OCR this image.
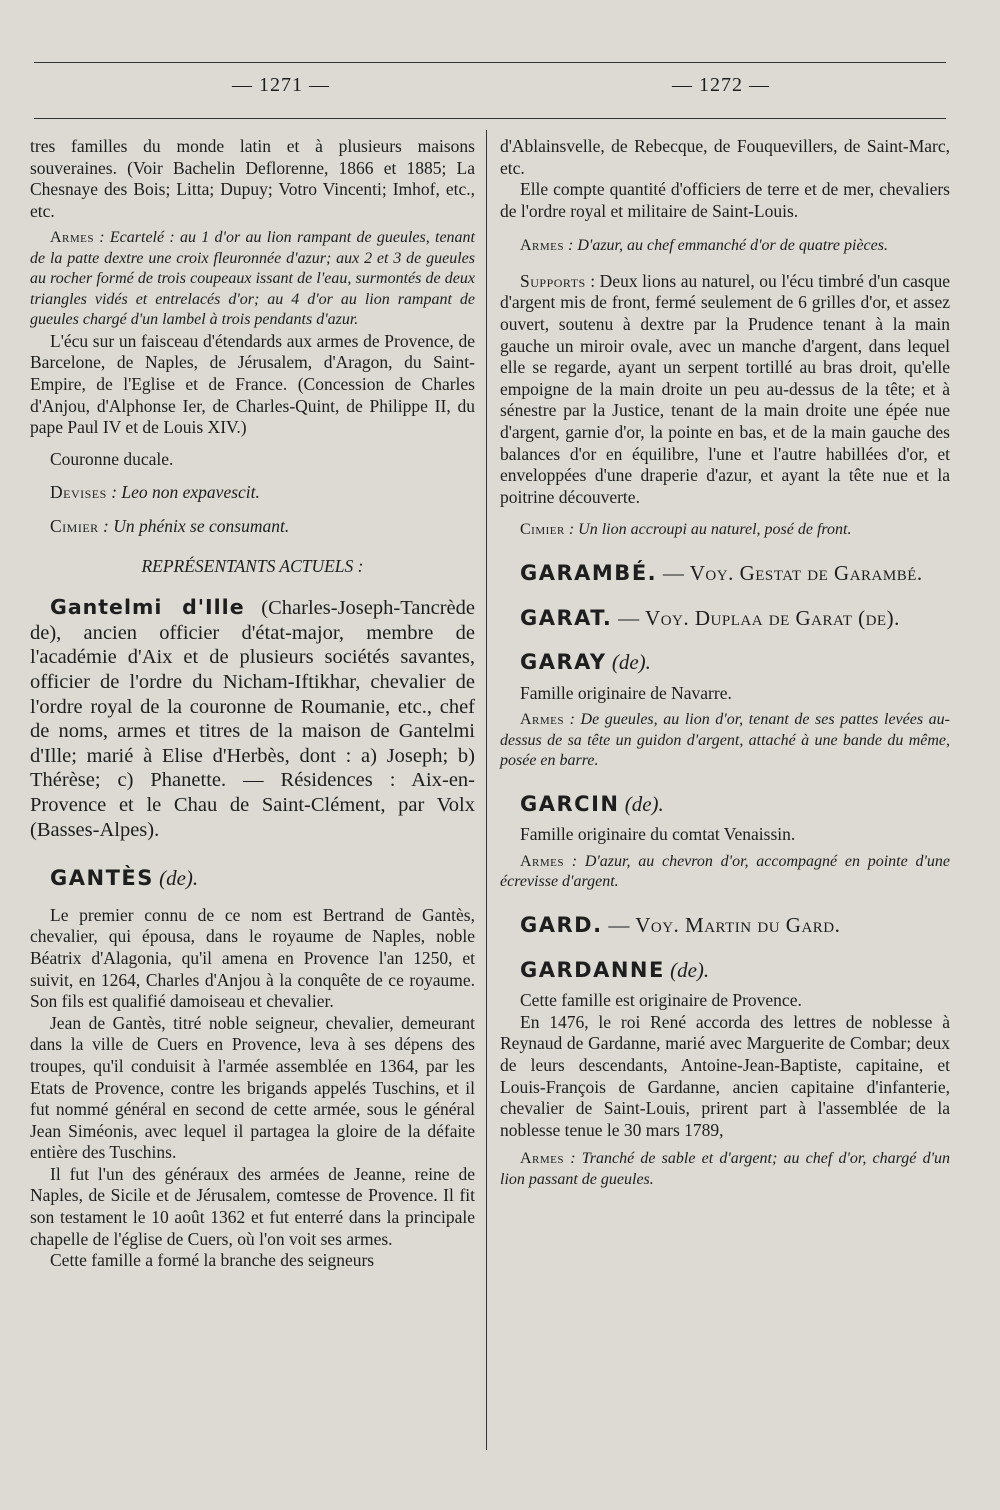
— 1271 —	— 1272 —

tres familles du monde latin et à plusieurs maisons souveraines. (Voir Bachelin Deflorenne, 1866 et 1885; La Chesnaye des Bois; Litta; Dupuy; Votro Vincenti; Imhof, etc., etc.

Armes : Ecartelé : au 1 d'or au lion rampant de gueules, tenant de la patte dextre une croix fleuronnée d'azur; aux 2 et 3 de gueules au rocher formé de trois coupeaux issant de l'eau, surmontés de deux triangles vidés et entrelacés d'or; au 4 d'or au lion rampant de gueules chargé d'un lambel à trois pendants d'azur.

L'écu sur un faisceau d'étendards aux armes de Provence, de Barcelone, de Naples, de Jérusalem, d'Aragon, du Saint-Empire, de l'Eglise et de France. (Concession de Charles d'Anjou, d'Alphonse Ier, de Charles-Quint, de Philippe II, du pape Paul IV et de Louis XIV.)

Couronne ducale.

Devises : Leo non expavescit.

Cimier : Un phénix se consumant.

REPRÉSENTANTS ACTUELS :

Gantelmi d'Ille (Charles-Joseph-Tancrède de), ancien officier d'état-major, membre de l'académie d'Aix et de plusieurs sociétés savantes, officier de l'ordre du Nicham-Iftikhar, chevalier de l'ordre royal de la couronne de Roumanie, etc., chef de noms, armes et titres de la maison de Gantelmi d'Ille; marié à Elise d'Herbès, dont : a) Joseph; b) Thérèse; c) Phanette. — Résidences : Aix-en-Provence et le Chau de Saint-Clément, par Volx (Basses-Alpes).

GANTÈS (de).

Le premier connu de ce nom est Bertrand de Gantès, chevalier, qui épousa, dans le royaume de Naples, noble Béatrix d'Alagonia, qu'il amena en Provence l'an 1250, et suivit, en 1264, Charles d'Anjou à la conquête de ce royaume. Son fils est qualifié damoiseau et chevalier.

Jean de Gantès, titré noble seigneur, chevalier, demeurant dans la ville de Cuers en Provence, leva à ses dépens des troupes, qu'il conduisit à l'armée assemblée en 1364, par les Etats de Provence, contre les brigands appelés Tuschins, et il fut nommé général en second de cette armée, sous le général Jean Siméonis, avec lequel il partagea la gloire de la défaite entière des Tuschins.

Il fut l'un des généraux des armées de Jeanne, reine de Naples, de Sicile et de Jérusalem, comtesse de Provence. Il fit son testament le 10 août 1362 et fut enterré dans la principale chapelle de l'église de Cuers, où l'on voit ses armes.

Cette famille a formé la branche des seigneurs

d'Ablainsvelle, de Rebecque, de Fouquevillers, de Saint-Marc, etc.

Elle compte quantité d'officiers de terre et de mer, chevaliers de l'ordre royal et militaire de Saint-Louis.

Armes : D'azur, au chef emmanché d'or de quatre pièces.

Supports : Deux lions au naturel, ou l'écu timbré d'un casque d'argent mis de front, fermé seulement de 6 grilles d'or, et assez ouvert, soutenu à dextre par la Prudence tenant à la main gauche un miroir ovale, avec un manche d'argent, dans lequel elle se regarde, ayant un serpent tortillé au bras droit, qu'elle empoigne de la main droite un peu au-dessus de la tête; et à sénestre par la Justice, tenant de la main droite une épée nue d'argent, garnie d'or, la pointe en bas, et de la main gauche des balances d'or en équilibre, l'une et l'autre habillées d'or, et enveloppées d'une draperie d'azur, et ayant la tête nue et la poitrine découverte.

Cimier : Un lion accroupi au naturel, posé de front.

GARAMBÉ. — Voy. Gestat de Garambé.

GARAT. — Voy. Duplaa de Garat (de).

GARAY (de).

Famille originaire de Navarre.

Armes : De gueules, au lion d'or, tenant de ses pattes levées au-dessus de sa tête un guidon d'argent, attaché à une bande du même, posée en barre.

GARCIN (de).

Famille originaire du comtat Venaissin.

Armes : D'azur, au chevron d'or, accompagné en pointe d'une écrevisse d'argent.

GARD. — Voy. Martin du Gard.

GARDANNE (de).

Cette famille est originaire de Provence.

En 1476, le roi René accorda des lettres de noblesse à Reynaud de Gardanne, marié avec Marguerite de Combar; deux de leurs descendants, Antoine-Jean-Baptiste, capitaine, et Louis-François de Gardanne, ancien capitaine d'infanterie, chevalier de Saint-Louis, prirent part à l'assemblée de la noblesse tenue le 30 mars 1789,

Armes : Tranché de sable et d'argent; au chef d'or, chargé d'un lion passant de gueules.
